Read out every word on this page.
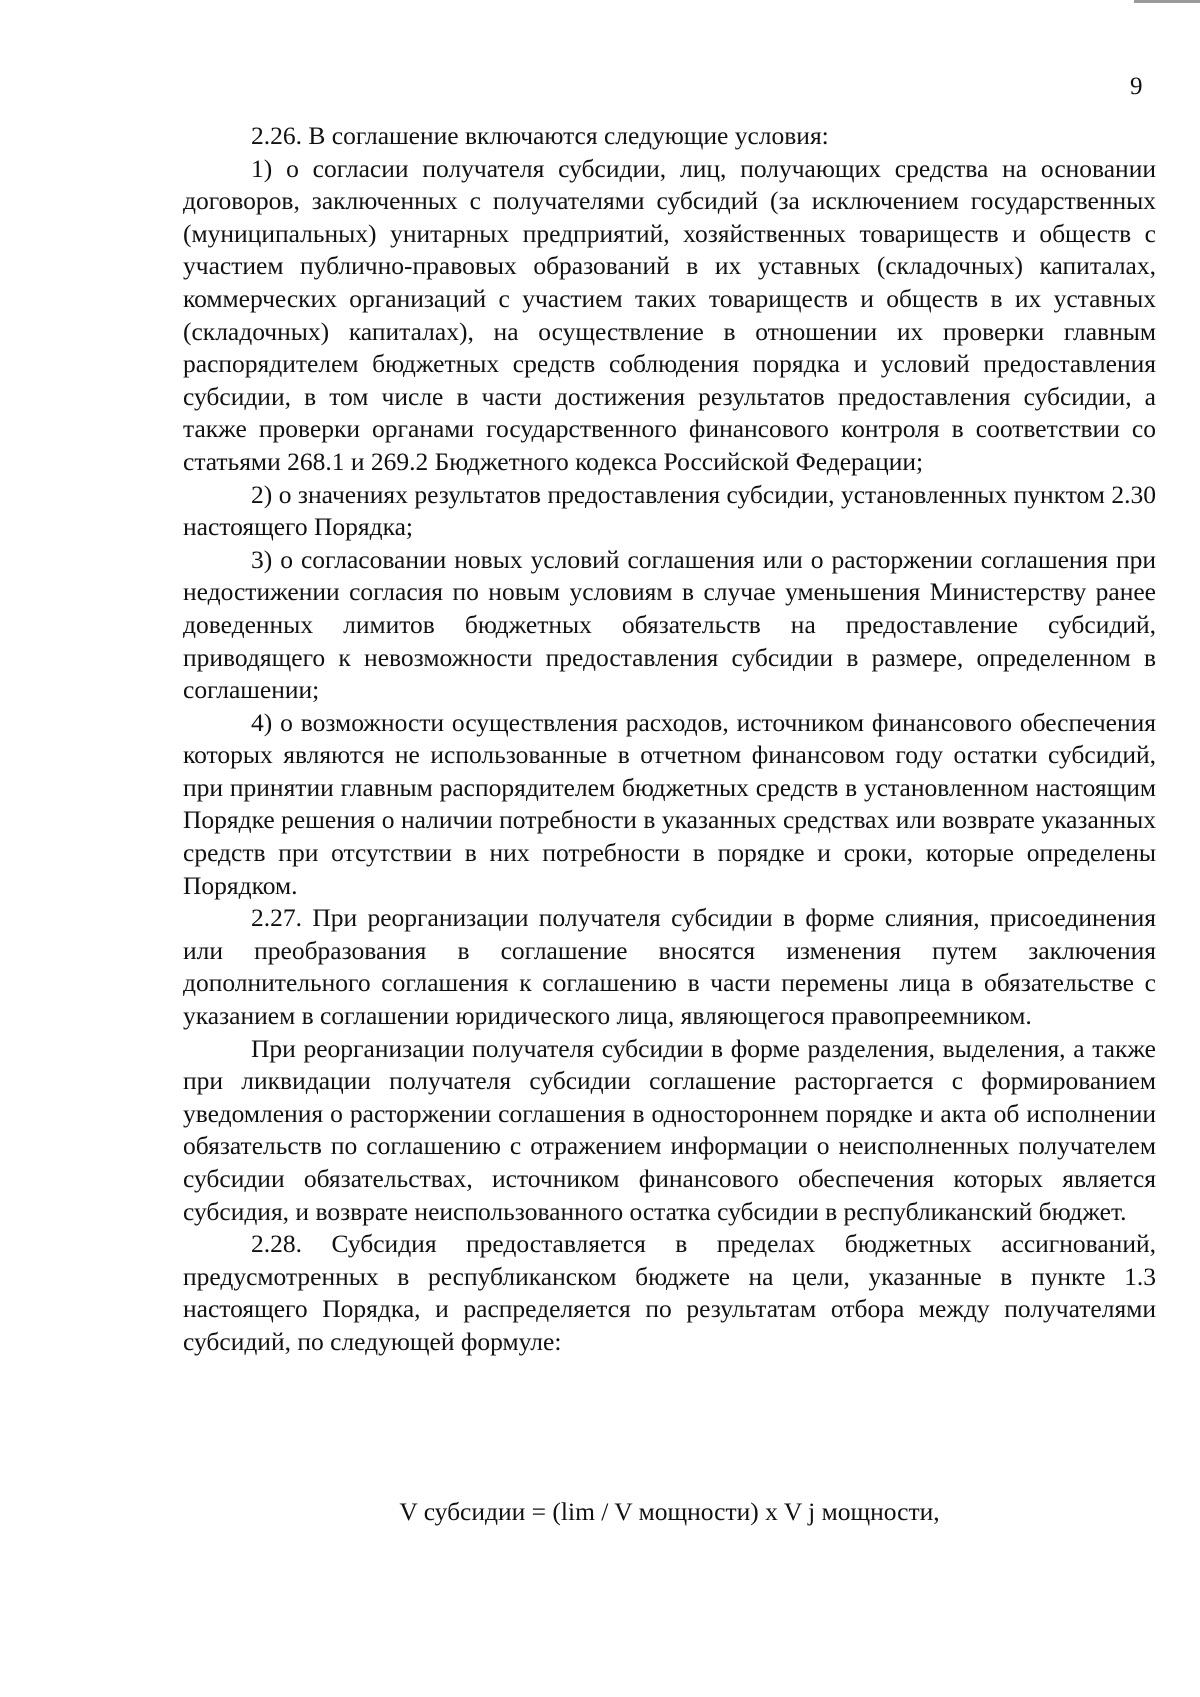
9

2.26. В соглашение включаются следующие условия:

1) о согласии получателя субсидии, лиц, получающих средства на основании договоров, заключенных с получателями субсидий (за исключением государственных (муниципальных) унитарных предприятий, хозяйственных товариществ и обществ с участием публично-правовых образований в их уставных (складочных) капиталах, коммерческих организаций с участием таких товариществ и обществ в их уставных (складочных) капиталах), на осуществление в отношении их проверки главным распорядителем бюджетных средств соблюдения порядка и условий предоставления субсидии, в том числе в части достижения результатов предоставления субсидии, а также проверки органами государственного финансового контроля в соответствии со статьями 268.1 и 269.2 Бюджетного кодекса Российской Федерации;

2) о значениях результатов предоставления субсидии, установленных пунктом 2.30 настоящего Порядка;

3) о согласовании новых условий соглашения или о расторжении соглашения при недостижении согласия по новым условиям в случае уменьшения Министерству ранее доведенных лимитов бюджетных обязательств на предоставление субсидий, приводящего к невозможности предоставления субсидии в размере, определенном в соглашении;

4) о возможности осуществления расходов, источником финансового обеспечения которых являются не использованные в отчетном финансовом году остатки субсидий, при принятии главным распорядителем бюджетных средств в установленном настоящим Порядке решения о наличии потребности в указанных средствах или возврате указанных средств при отсутствии в них потребности в порядке и сроки, которые определены Порядком.

2.27. При реорганизации получателя субсидии в форме слияния, присоединения или преобразования в соглашение вносятся изменения путем заключения дополнительного соглашения к соглашению в части перемены лица в обязательстве с указанием в соглашении юридического лица, являющегося правопреемником.

При реорганизации получателя субсидии в форме разделения, выделения, а также при ликвидации получателя субсидии соглашение расторгается с формированием уведомления о расторжении соглашения в одностороннем порядке и акта об исполнении обязательств по соглашению с отражением информации о неисполненных получателем субсидии обязательствах, источником финансового обеспечения которых является субсидия, и возврате неиспользованного остатка субсидии в республиканский бюджет.

2.28. Субсидия предоставляется в пределах бюджетных ассигнований, предусмотренных в республиканском бюджете на цели, указанные в пункте 1.3 настоящего Порядка, и распределяется по результатам отбора между получателями субсидий, по следующей формуле:

V субсидии = (lim / V мощности) x V j мощности,
